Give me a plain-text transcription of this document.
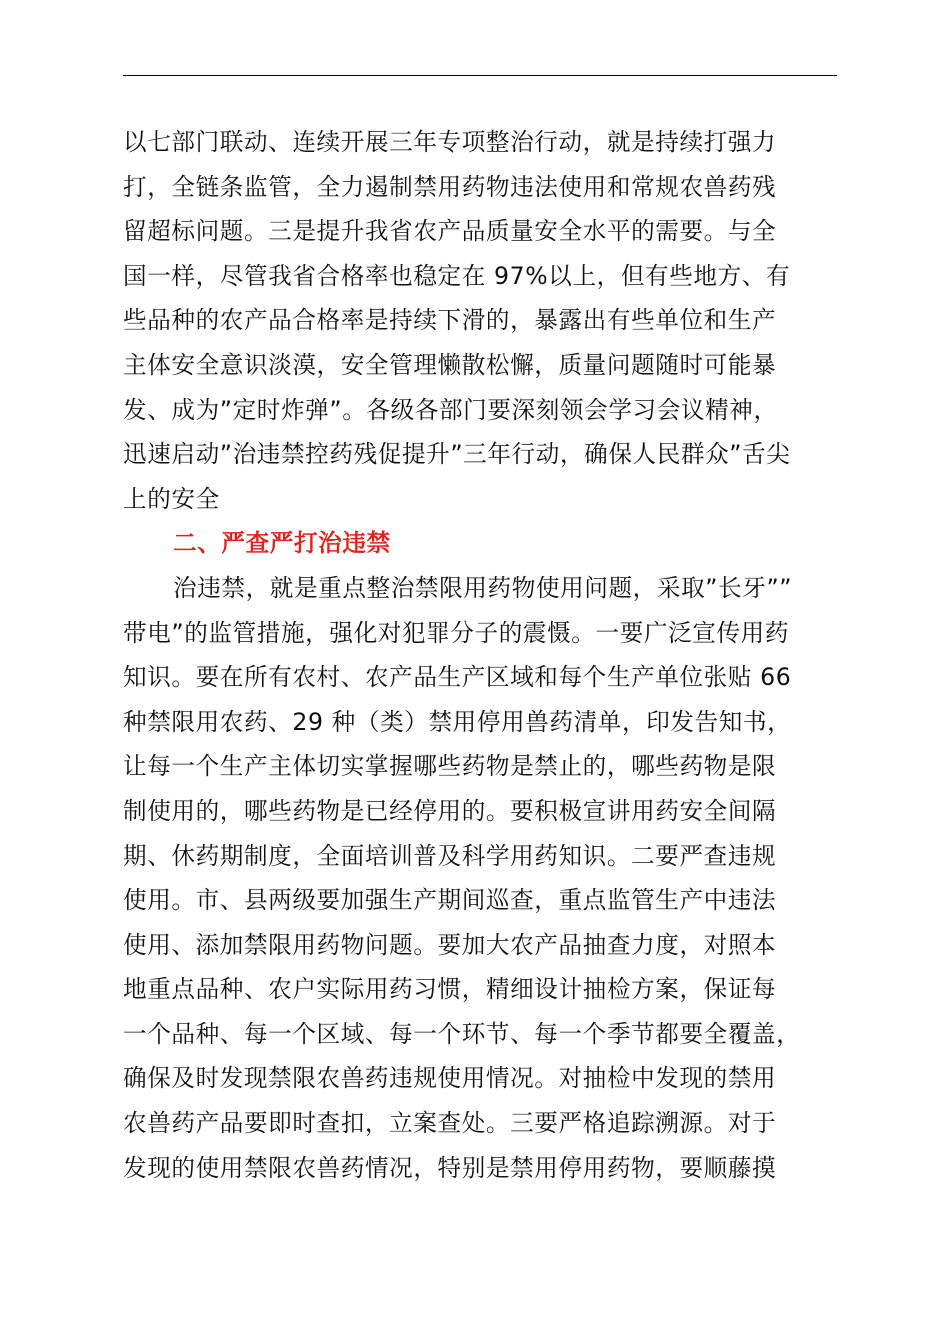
以七部门联动、连续开展三年专项整治行动，就是持续打强力
打，全链条监管，全力遏制禁用药物违法使用和常规农兽药残
留超标问题。三是提升我省农产品质量安全水平的需要。与全
国一样，尽管我省合格率也稳定在 97%以上，但有些地方、有
些品种的农产品合格率是持续下滑的，暴露出有些单位和生产
主体安全意识淡漠，安全管理懒散松懈，质量问题随时可能暴
发、成为”定时炸弹”。各级各部门要深刻领会学习会议精神，
迅速启动”治违禁控药残促提升”三年行动，确保人民群众”舌尖
上的安全
二、严查严打治违禁
治违禁，就是重点整治禁限用药物使用问题，采取”长牙””
带电”的监管措施，强化对犯罪分子的震慑。一要广泛宣传用药
知识。要在所有农村、农产品生产区域和每个生产单位张贴 66
种禁限用农药、29 种（类）禁用停用兽药清单，印发告知书，
让每一个生产主体切实掌握哪些药物是禁止的，哪些药物是限
制使用的，哪些药物是已经停用的。要积极宣讲用药安全间隔
期、休药期制度，全面培训普及科学用药知识。二要严查违规
使用。市、县两级要加强生产期间巡查，重点监管生产中违法
使用、添加禁限用药物问题。要加大农产品抽查力度，对照本
地重点品种、农户实际用药习惯，精细设计抽检方案，保证每
一个品种、每一个区域、每一个环节、每一个季节都要全覆盖，
确保及时发现禁限农兽药违规使用情况。对抽检中发现的禁用
农兽药产品要即时查扣，立案查处。三要严格追踪溯源。对于
发现的使用禁限农兽药情况，特别是禁用停用药物，要顺藤摸
